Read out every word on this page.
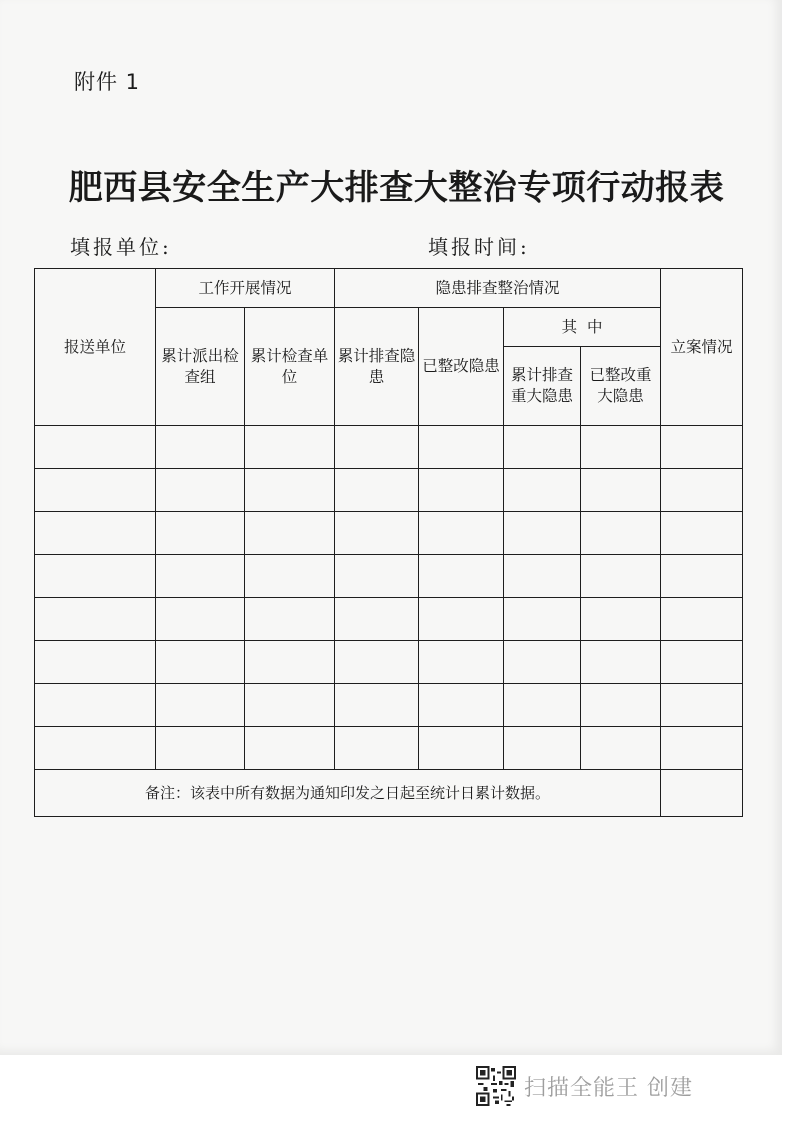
附件 1
肥西县安全生产大排查大整治专项行动报表
填报单位:	填报时间:
报送单位	工作开展情况		隐患排查整治情况				立案情况
	累计派出检查组	累计检查单位	累计排查隐患	已整改隐患	其  中		
					累计排查重大隐患	已整改重大隐患	

备注：该表中所有数据为通知印发之日起至统计日累计数据。							
扫描全能王 创建
